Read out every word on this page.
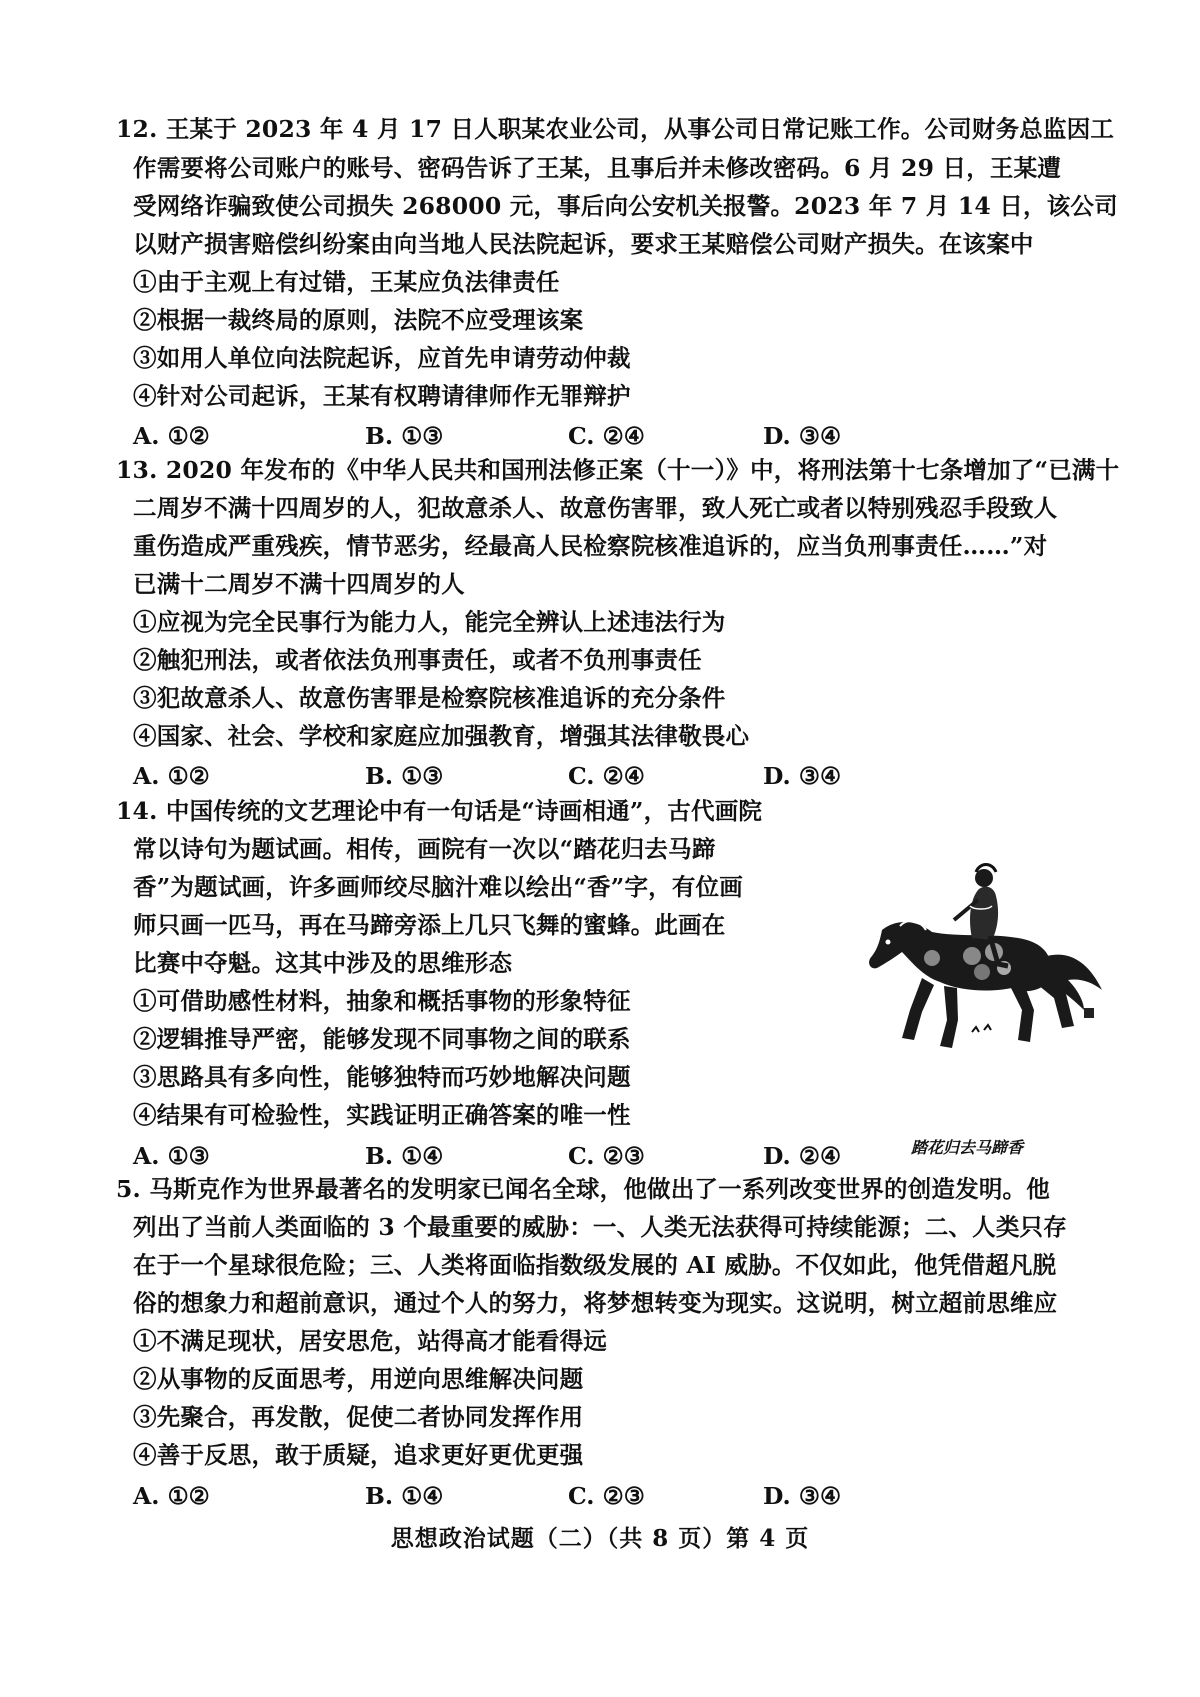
12. 王某于 2023 年 4 月 17 日人职某农业公司，从事公司日常记账工作。公司财务总监因工
作需要将公司账户的账号、密码告诉了王某，且事后并未修改密码。6 月 29 日，王某遭
受网络诈骗致使公司损失 268000 元，事后向公安机关报警。2023 年 7 月 14 日，该公司
以财产损害赔偿纠纷案由向当地人民法院起诉，要求王某赔偿公司财产损失。在该案中
①由于主观上有过错，王某应负法律责任
②根据一裁终局的原则，法院不应受理该案
③如用人单位向法院起诉，应首先申请劳动仲裁
④针对公司起诉，王某有权聘请律师作无罪辩护
A. ①②	B. ①③	C. ②④	D. ③④
13. 2020 年发布的《中华人民共和国刑法修正案（十一）》中，将刑法第十七条增加了“已满十
二周岁不满十四周岁的人，犯故意杀人、故意伤害罪，致人死亡或者以特别残忍手段致人
重伤造成严重残疾，情节恶劣，经最高人民检察院核准追诉的，应当负刑事责任……”对
已满十二周岁不满十四周岁的人
①应视为完全民事行为能力人，能完全辨认上述违法行为
②触犯刑法，或者依法负刑事责任，或者不负刑事责任
③犯故意杀人、故意伤害罪是检察院核准追诉的充分条件
④国家、社会、学校和家庭应加强教育，增强其法律敬畏心
A. ①②	B. ①③	C. ②④	D. ③④
14. 中国传统的文艺理论中有一句话是“诗画相通”，古代画院
常以诗句为题试画。相传，画院有一次以“踏花归去马蹄
香”为题试画，许多画师绞尽脑汁难以绘出“香”字，有位画
师只画一匹马，再在马蹄旁添上几只飞舞的蜜蜂。此画在
比赛中夺魁。这其中涉及的思维形态
①可借助感性材料，抽象和概括事物的形象特征
②逻辑推导严密，能够发现不同事物之间的联系
③思路具有多向性，能够独特而巧妙地解决问题
④结果有可检验性，实践证明正确答案的唯一性
A. ①③	B. ①④	C. ②③	D. ②④	踏花归去马蹄香
5. 马斯克作为世界最著名的发明家已闻名全球，他做出了一系列改变世界的创造发明。他
列出了当前人类面临的 3 个最重要的威胁：一、人类无法获得可持续能源；二、人类只存
在于一个星球很危险；三、人类将面临指数级发展的 AI 威胁。不仅如此，他凭借超凡脱
俗的想象力和超前意识，通过个人的努力，将梦想转变为现实。这说明，树立超前思维应
①不满足现状，居安思危，站得高才能看得远
②从事物的反面思考，用逆向思维解决问题
③先聚合，再发散，促使二者协同发挥作用
④善于反思，敢于质疑，追求更好更优更强
A. ①②	B. ①④	C. ②③	D. ③④
思想政治试题（二）（共 8 页）第 4 页
